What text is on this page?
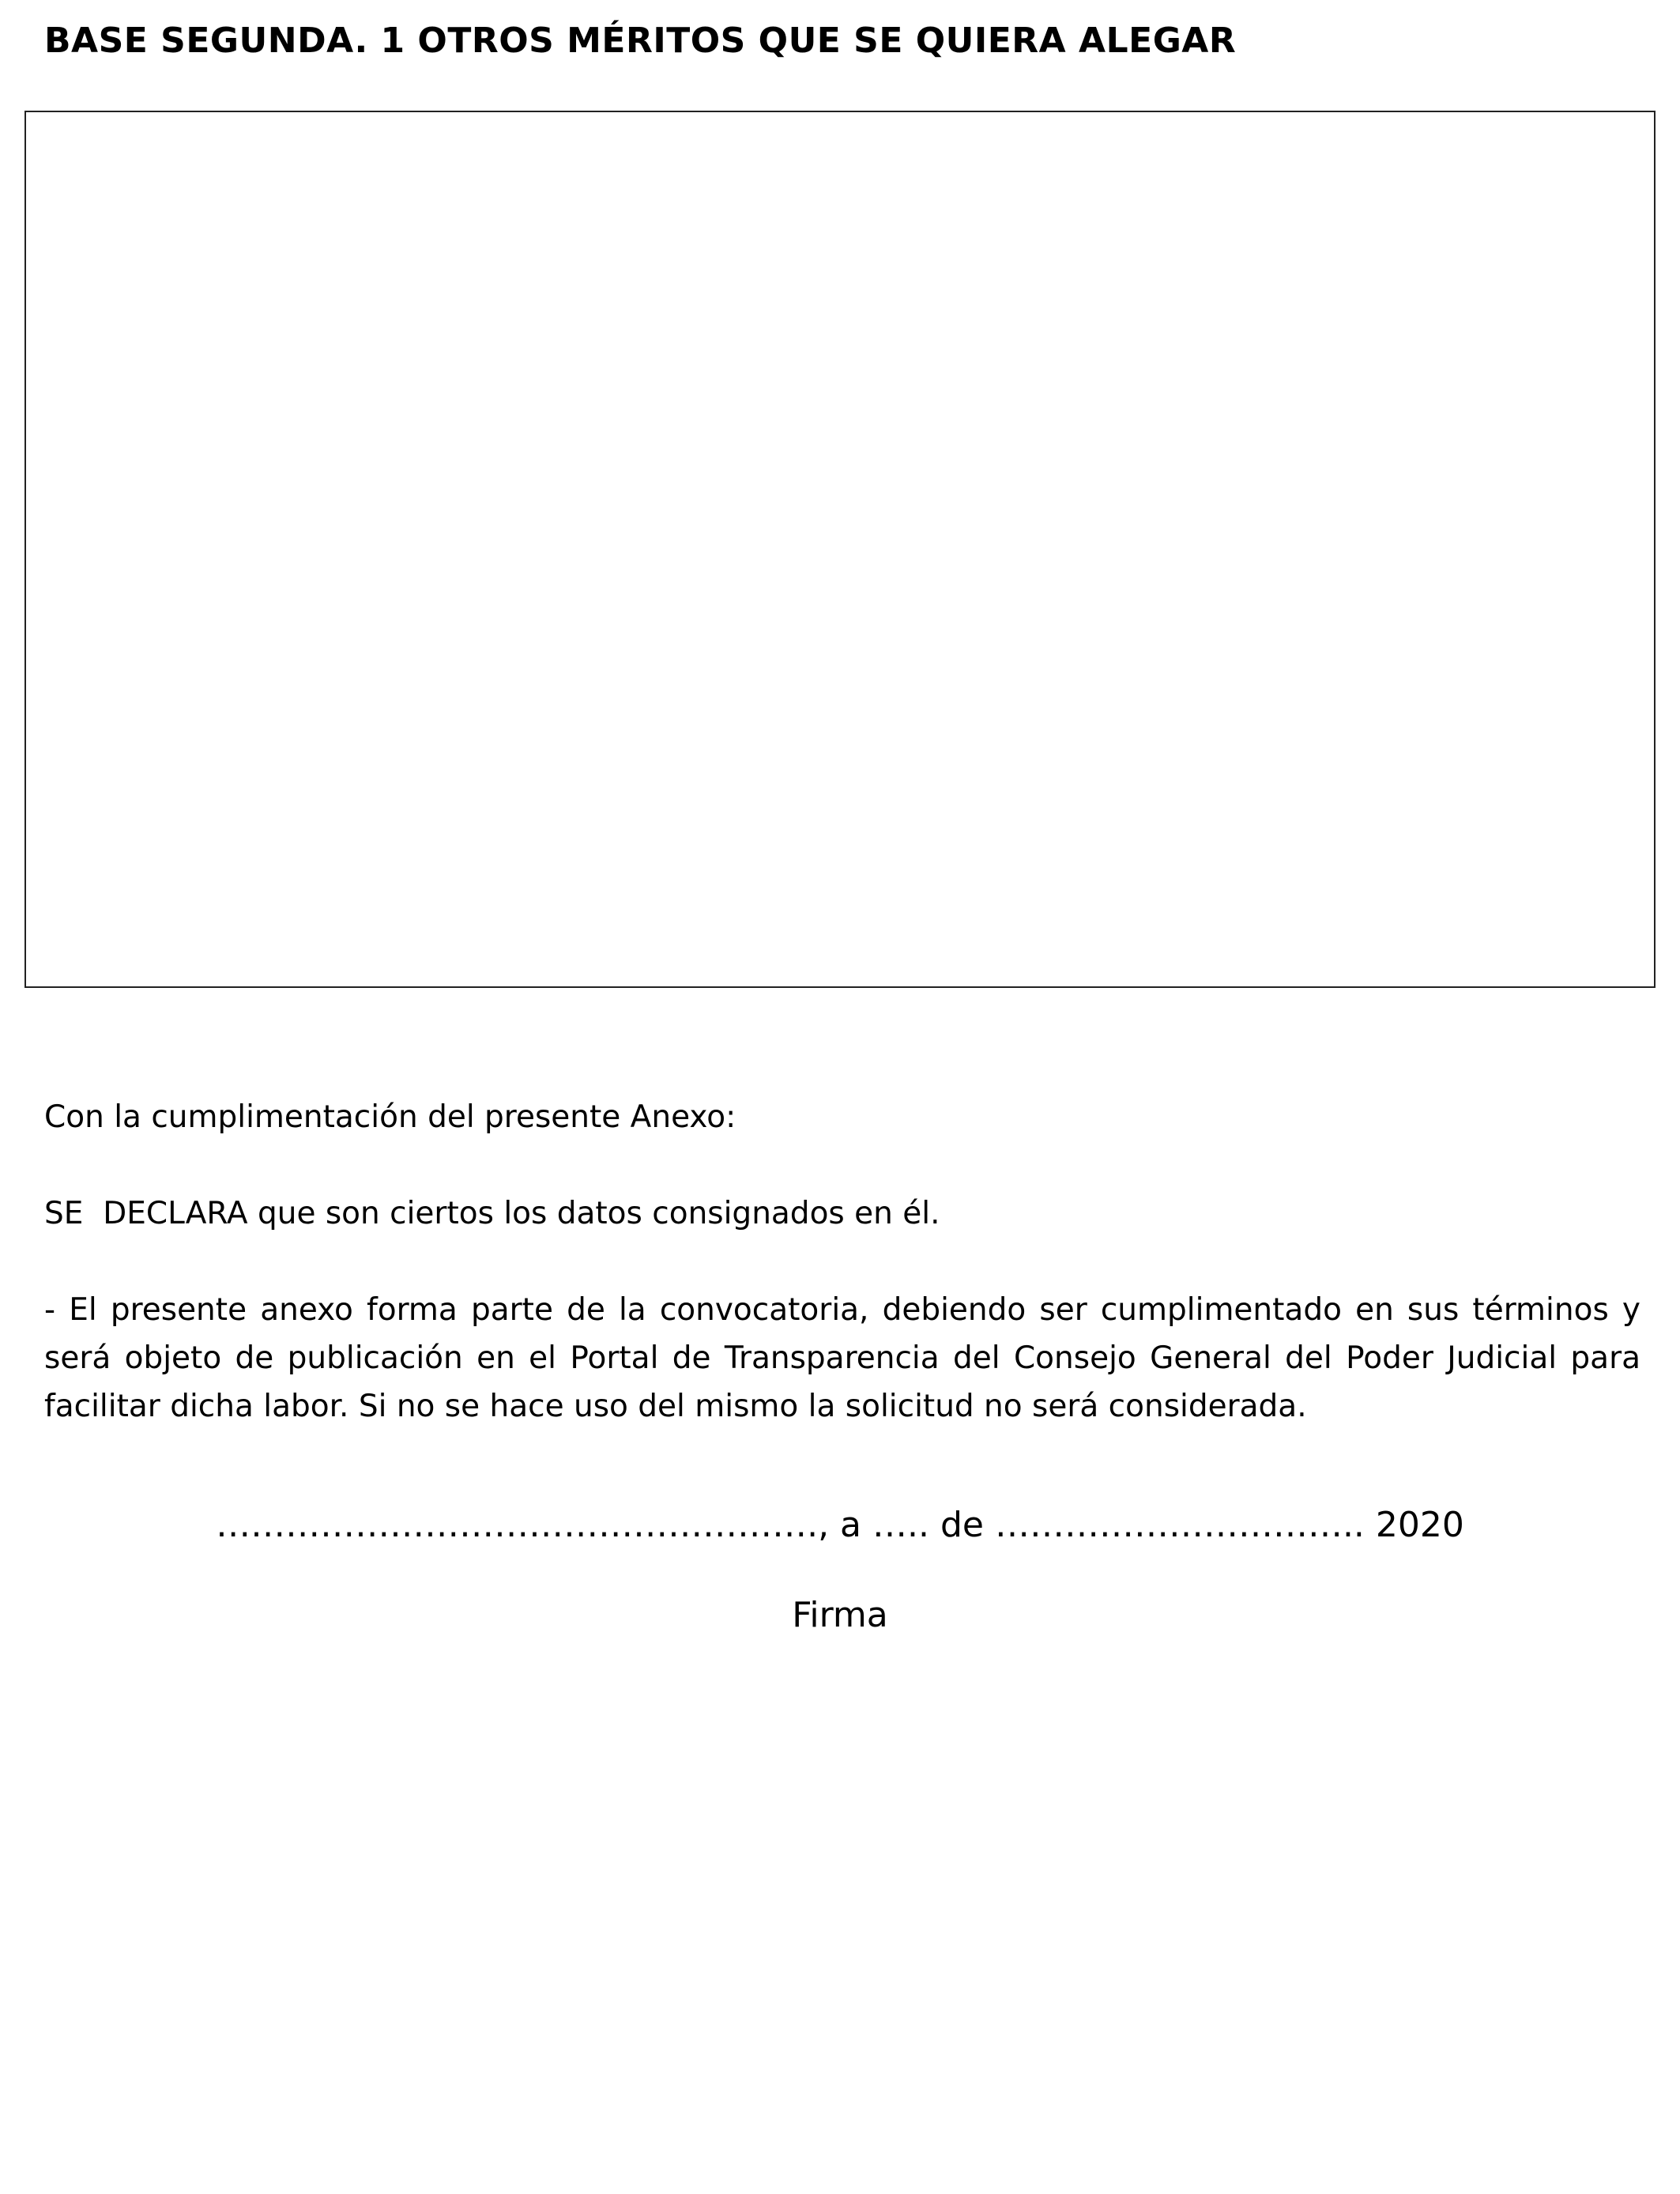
BASE SEGUNDA. 1 OTROS MÉRITOS QUE SE QUIERA ALEGAR

Con la cumplimentación del presente Anexo:

SE  DECLARA que son ciertos los datos consignados en él.

- El presente anexo forma parte de la convocatoria, debiendo ser cumplimentado en sus términos y será objeto de publicación en el Portal de Transparencia del Consejo General del Poder Judicial para facilitar dicha labor. Si no se hace uso del mismo la solicitud no será considerada.

……………………………………………., a ….. de ………………………….. 2020

Firma
